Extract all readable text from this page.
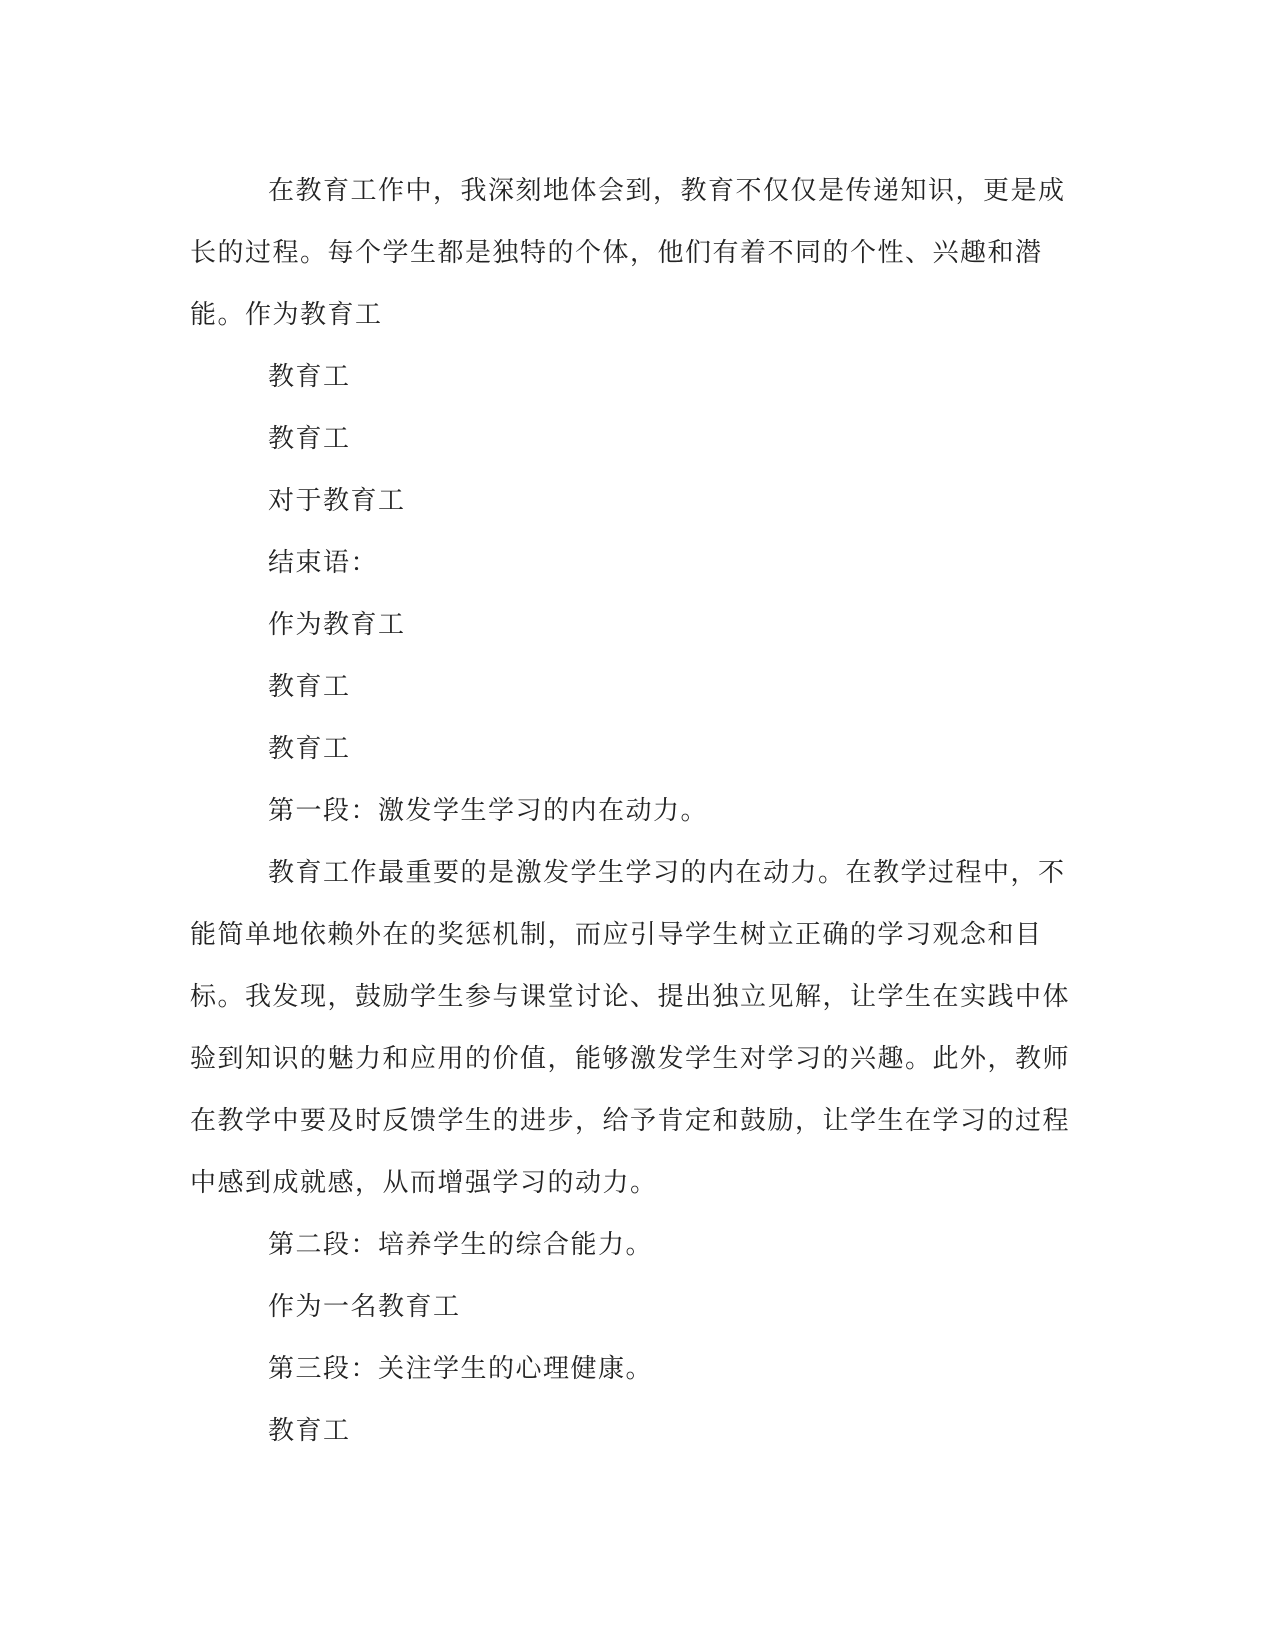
在教育工作中，我深刻地体会到，教育不仅仅是传递知识，更是成长的过程。每个学生都是独特的个体，他们有着不同的个性、兴趣和潜能。作为教育工

教育工

教育工

对于教育工

结束语：

作为教育工

教育工

教育工

第一段：激发学生学习的内在动力。

教育工作最重要的是激发学生学习的内在动力。在教学过程中，不能简单地依赖外在的奖惩机制，而应引导学生树立正确的学习观念和目标。我发现，鼓励学生参与课堂讨论、提出独立见解，让学生在实践中体验到知识的魅力和应用的价值，能够激发学生对学习的兴趣。此外，教师在教学中要及时反馈学生的进步，给予肯定和鼓励，让学生在学习的过程中感到成就感，从而增强学习的动力。

第二段：培养学生的综合能力。

作为一名教育工

第三段：关注学生的心理健康。

教育工
